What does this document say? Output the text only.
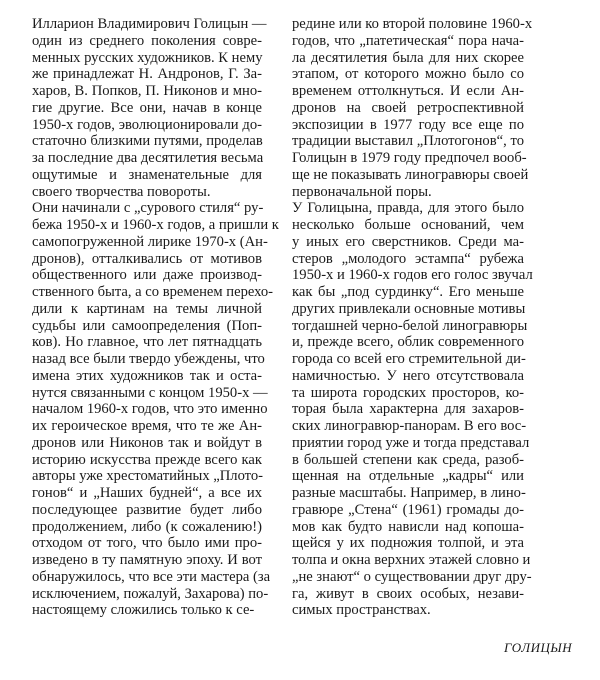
Илларион Владимирович Голицын —
один из среднего поколения совре-
менных русских художников. К нему
же принадлежат Н. Андронов, Г. За-
харов, В. Попков, П. Никонов и мно-
гие другие. Все они, начав в конце
1950-х годов, эволюционировали до-
статочно близкими путями, проделав
за последние два десятилетия весьма
ощутимые и знаменательные для
своего творчества повороты.
Они начинали с „сурового стиля“ ру-
бежа 1950-х и 1960-х годов, а пришли к
самопогруженной лирике 1970-х (Ан-
дронов), отталкивались от мотивов
общественного или даже производ-
ственного быта, а со временем перехо-
дили к картинам на темы личной
судьбы или самоопределения (Поп-
ков). Но главное, что лет пятнадцать
назад все были твердо убеждены, что
имена этих художников так и оста-
нутся связанными с концом 1950-х —
началом 1960-х годов, что это именно
их героическое время, что те же Ан-
дронов или Никонов так и войдут в
историю искусства прежде всего как
авторы уже хрестоматийных „Плото-
гонов“ и „Наших будней“, а все их
последующее развитие будет либо
продолжением, либо (к сожалению!)
отходом от того, что было ими про-
изведено в ту памятную эпоху. И вот
обнаружилось, что все эти мастера (за
исключением, пожалуй, Захарова) по-
настоящему сложились только к се-
редине или ко второй половине 1960-х
годов, что „патетическая“ пора нача-
ла десятилетия была для них скорее
этапом, от которого можно было со
временем оттолкнуться. И если Ан-
дронов на своей ретроспективной
экспозиции в 1977 году все еще по
традиции выставил „Плотогонов“, то
Голицын в 1979 году предпочел вооб-
ще не показывать линогравюры своей
первоначальной поры.
У Голицына, правда, для этого было
несколько больше оснований, чем
у иных его сверстников. Среди ма-
стеров „молодого эстампа“ рубежа
1950-х и 1960-х годов его голос звучал
как бы „под сурдинку“. Его меньше
других привлекали основные мотивы
тогдашней черно-белой линогравюры
и, прежде всего, облик современного
города со всей его стремительной ди-
намичностью. У него отсутствовала
та широта городских просторов, ко-
торая была характерна для захаров-
ских линогравюр-панорам. В его вос-
приятии город уже и тогда представал
в большей степени как среда, разоб-
щенная на отдельные „кадры“ или
разные масштабы. Например, в лино-
гравюре „Стена“ (1961) громады до-
мов как будто нависли над копоша-
щейся у их подножия толпой, и эта
толпа и окна верхних этажей словно и
„не знают“ о существовании друг дру-
га, живут в своих особых, незави-
симых пространствах.
ГОЛИЦЫН
